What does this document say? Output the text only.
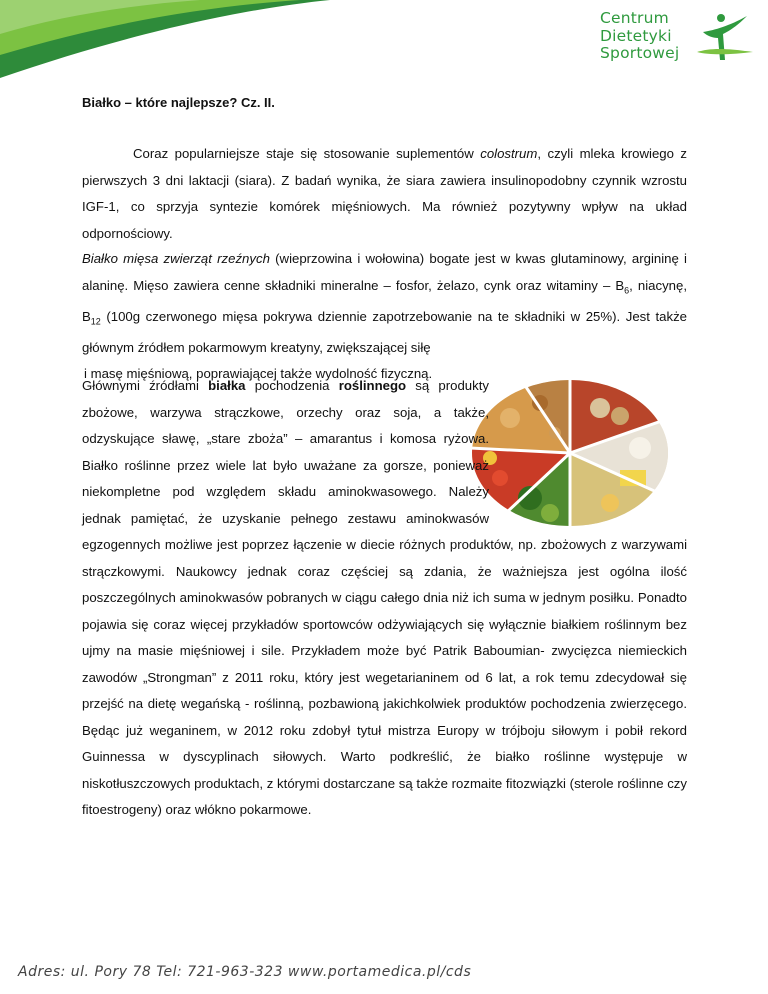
Centrum
Dietetyki
Sportowej
Białko – które najlepsze? Cz. II.

Coraz popularniejsze staje się stosowanie suplementów colostrum, czyli mleka krowiego z pierwszych 3 dni laktacji (siara). Z badań wynika, że siara zawiera insulinopodobny czynnik wzrostu IGF-1, co sprzyja syntezie komórek mięśniowych. Ma również pozytywny wpływ na układ odpornościowy.

Białko mięsa zwierząt rzeźnych (wieprzowina i wołowina) bogate jest w kwas glutaminowy, argininę i alaninę. Mięso zawiera cenne składniki mineralne – fosfor, żelazo, cynk oraz witaminy – $B_6$, niacynę, $B_{12}$ (100g czerwonego mięsa pokrywa dziennie zapotrzebowanie na te składniki w 25%). Jest także głównym źródłem pokarmowym kreatyny, zwiększającej siłę
i masę mięśniową, poprawiającej także wydolność fizyczną.

Głównymi źródłami białka pochodzenia roślinnego są produkty zbożowe, warzywa strączkowe, orzechy oraz soja, a także, odzyskujące sławę, „stare zboża” – amarantus i komosa ryżowa. Białko roślinne przez wiele lat było uważane za gorsze, ponieważ niekompletne pod względem składu aminokwasowego. Należy jednak pamiętać, że uzyskanie pełnego zestawu aminokwasów egzogennych możliwe jest poprzez łączenie w diecie różnych produktów, np. zbożowych z warzywami strączkowymi. Naukowcy jednak coraz częściej są zdania, że ważniejsza jest ogólna ilość poszczególnych aminokwasów pobranych w ciągu całego dnia niż ich suma w jednym posiłku. Ponadto pojawia się coraz więcej przykładów sportowców odżywiających się wyłącznie białkiem roślinnym bez ujmy na masie mięśniowej i sile. Przykładem może być Patrik Baboumian- zwycięzca niemieckich zawodów „Strongman” z 2011 roku, który jest wegetarianinem od 6 lat, a rok temu zdecydował się przejść na dietę wegańską - roślinną, pozbawioną jakichkolwiek produktów pochodzenia zwierzęcego. Będąc już weganinem, w 2012 roku zdobył tytuł mistrza Europy w trójboju siłowym i pobił rekord Guinnessa w dyscyplinach siłowych. Warto podkreślić, że białko roślinne występuje w niskotłuszczowych produktach, z którymi dostarczane są także rozmaite fitozwiązki (sterole roślinne czy fitoestrogeny) oraz włókno pokarmowe.

Adres: ul. Pory 78 Tel: 721-963-323 www.portamedica.pl/cds
